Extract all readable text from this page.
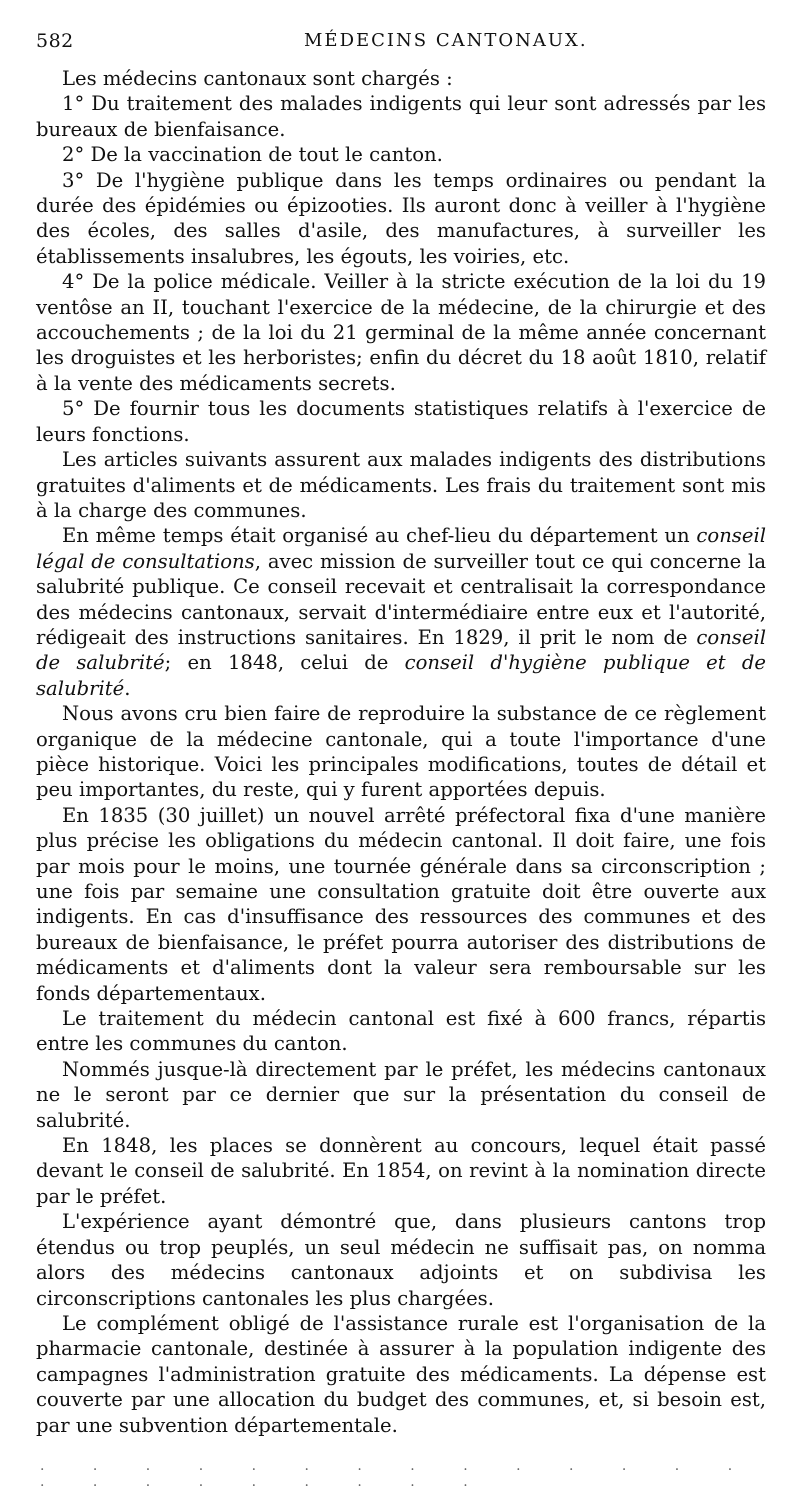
582	MÉDECINS CANTONAUX.

Les médecins cantonaux sont chargés :

1° Du traitement des malades indigents qui leur sont adressés par les bureaux de bienfaisance.

2° De la vaccination de tout le canton.

3° De l'hygiène publique dans les temps ordinaires ou pendant la durée des épidémies ou épizooties. Ils auront donc à veiller à l'hygiène des écoles, des salles d'asile, des manufactures, à surveiller les établissements insalubres, les égouts, les voiries, etc.

4° De la police médicale. Veiller à la stricte exécution de la loi du 19 ventôse an II, touchant l'exercice de la médecine, de la chirurgie et des accouchements ; de la loi du 21 germinal de la même année concernant les droguistes et les herboristes; enfin du décret du 18 août 1810, relatif à la vente des médicaments secrets.

5° De fournir tous les documents statistiques relatifs à l'exercice de leurs fonctions.

Les articles suivants assurent aux malades indigents des distributions gratuites d'aliments et de médicaments. Les frais du traitement sont mis à la charge des communes.

En même temps était organisé au chef-lieu du département un conseil légal de consultations, avec mission de surveiller tout ce qui concerne la salubrité publique. Ce conseil recevait et centralisait la correspondance des médecins cantonaux, servait d'intermédiaire entre eux et l'autorité, rédigeait des instructions sanitaires. En 1829, il prit le nom de conseil de salubrité; en 1848, celui de conseil d'hygiène publique et de salubrité.

Nous avons cru bien faire de reproduire la substance de ce règlement organique de la médecine cantonale, qui a toute l'importance d'une pièce historique. Voici les principales modifications, toutes de détail et peu importantes, du reste, qui y furent apportées depuis.

En 1835 (30 juillet) un nouvel arrêté préfectoral fixa d'une manière plus précise les obligations du médecin cantonal. Il doit faire, une fois par mois pour le moins, une tournée générale dans sa circonscription ; une fois par semaine une consultation gratuite doit être ouverte aux indigents. En cas d'insuffisance des ressources des communes et des bureaux de bienfaisance, le préfet pourra autoriser des distributions de médicaments et d'aliments dont la valeur sera remboursable sur les fonds départementaux.

Le traitement du médecin cantonal est fixé à 600 francs, répartis entre les communes du canton.

Nommés jusque-là directement par le préfet, les médecins cantonaux ne le seront par ce dernier que sur la présentation du conseil de salubrité.

En 1848, les places se donnèrent au concours, lequel était passé devant le conseil de salubrité. En 1854, on revint à la nomination directe par le préfet.

L'expérience ayant démontré que, dans plusieurs cantons trop étendus ou trop peuplés, un seul médecin ne suffisait pas, on nomma alors des médecins cantonaux adjoints et on subdivisa les circonscriptions cantonales les plus chargées.

Le complément obligé de l'assistance rurale est l'organisation de la pharmacie cantonale, destinée à assurer à la population indigente des campagnes l'administration gratuite des médicaments. La dépense est couverte par une allocation du budget des communes, et, si besoin est, par une subvention départementale.

· · · · · · · · · · · · · · · · · · · · · · ·
